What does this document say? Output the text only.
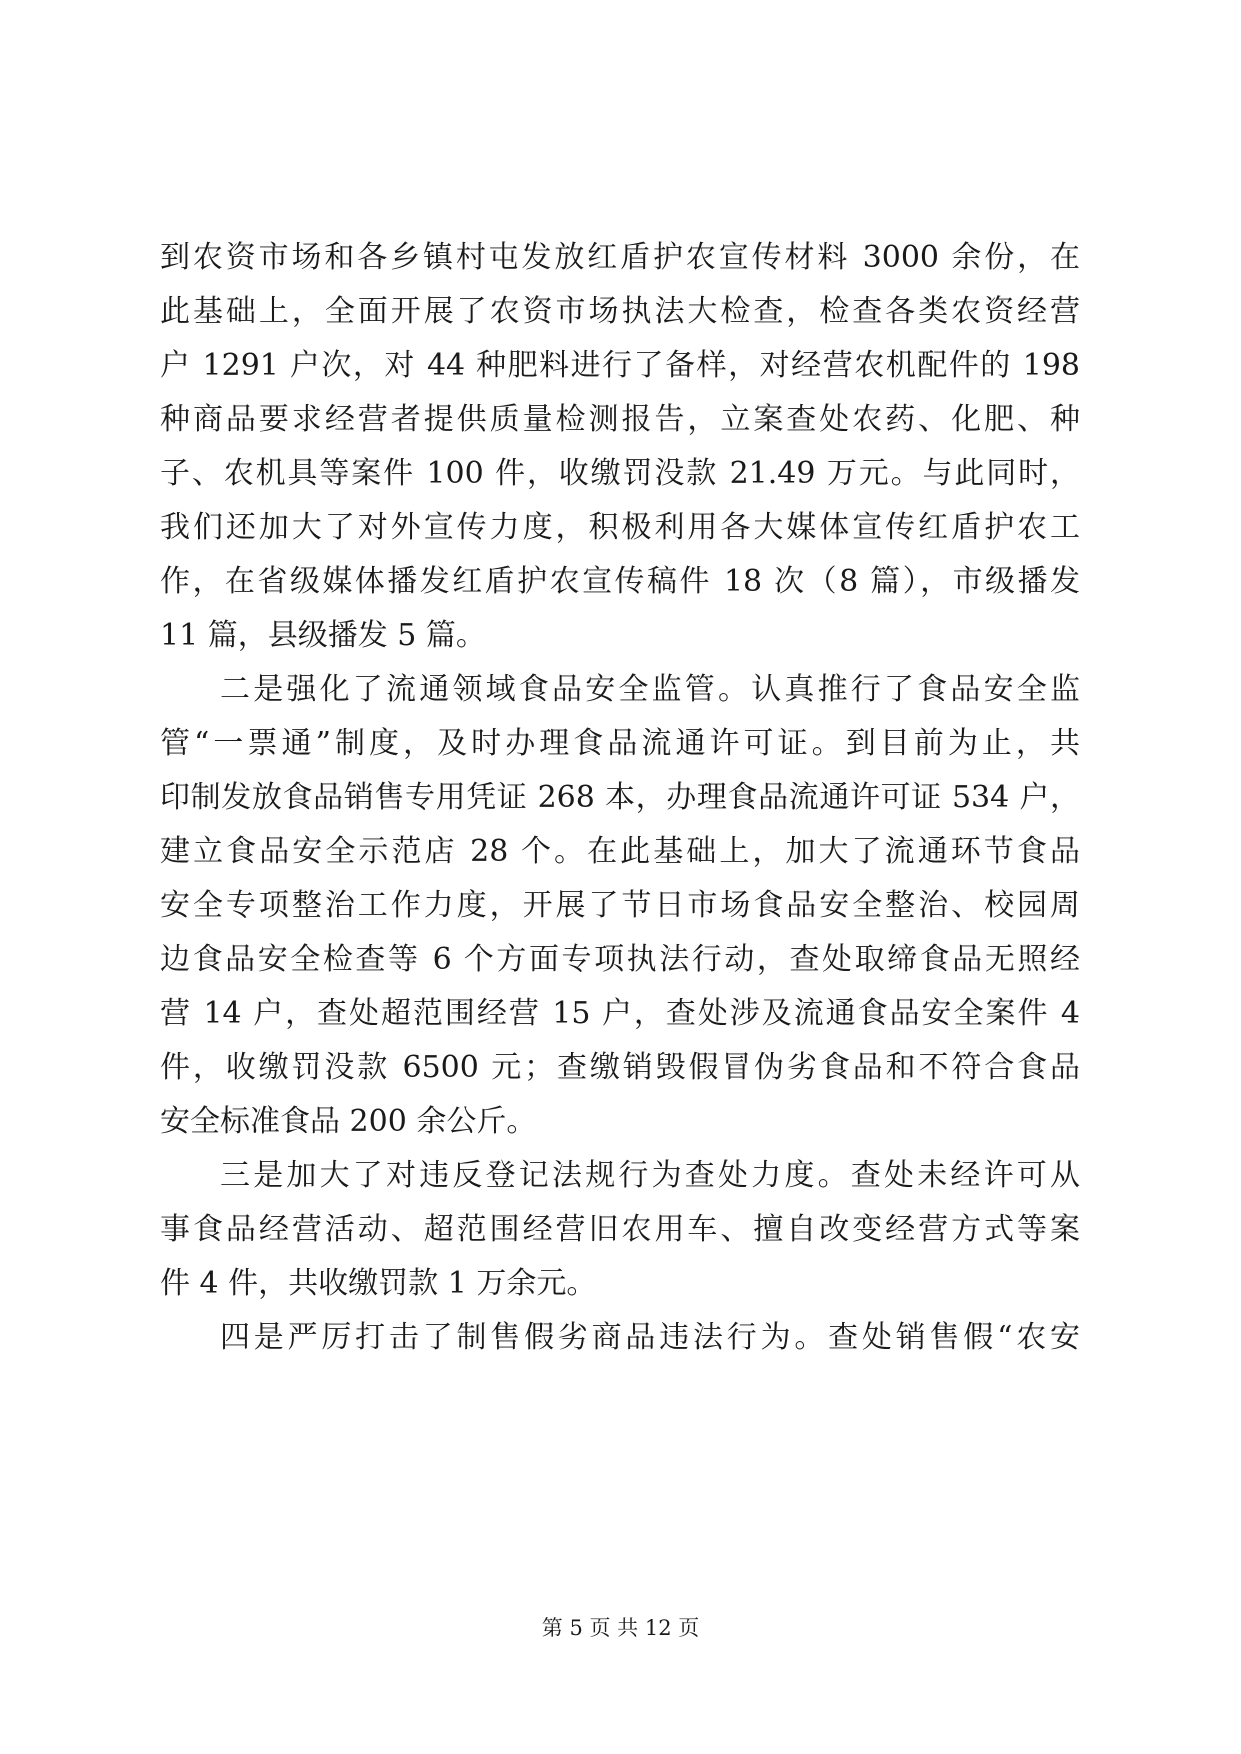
到农资市场和各乡镇村屯发放红盾护农宣传材料 3000 余份，在
此基础上，全面开展了农资市场执法大检查，检查各类农资经营
户 1291 户次，对 44 种肥料进行了备样，对经营农机配件的 198
种商品要求经营者提供质量检测报告，立案查处农药、化肥、种
子、农机具等案件 100 件，收缴罚没款 21.49 万元。与此同时，
我们还加大了对外宣传力度，积极利用各大媒体宣传红盾护农工
作，在省级媒体播发红盾护农宣传稿件 18 次（8 篇），市级播发
11 篇，县级播发 5 篇。
二是强化了流通领域食品安全监管。认真推行了食品安全监
管“一票通”制度，及时办理食品流通许可证。到目前为止，共
印制发放食品销售专用凭证 268 本，办理食品流通许可证 534 户，
建立食品安全示范店 28 个。在此基础上，加大了流通环节食品
安全专项整治工作力度，开展了节日市场食品安全整治、校园周
边食品安全检查等 6 个方面专项执法行动，查处取缔食品无照经
营 14 户，查处超范围经营 15 户，查处涉及流通食品安全案件 4
件，收缴罚没款 6500 元；查缴销毁假冒伪劣食品和不符合食品
安全标准食品 200 余公斤。
三是加大了对违反登记法规行为查处力度。查处未经许可从
事食品经营活动、超范围经营旧农用车、擅自改变经营方式等案
件 4 件，共收缴罚款 1 万余元。
四是严厉打击了制售假劣商品违法行为。查处销售假“农安
第 5 页 共 12 页
